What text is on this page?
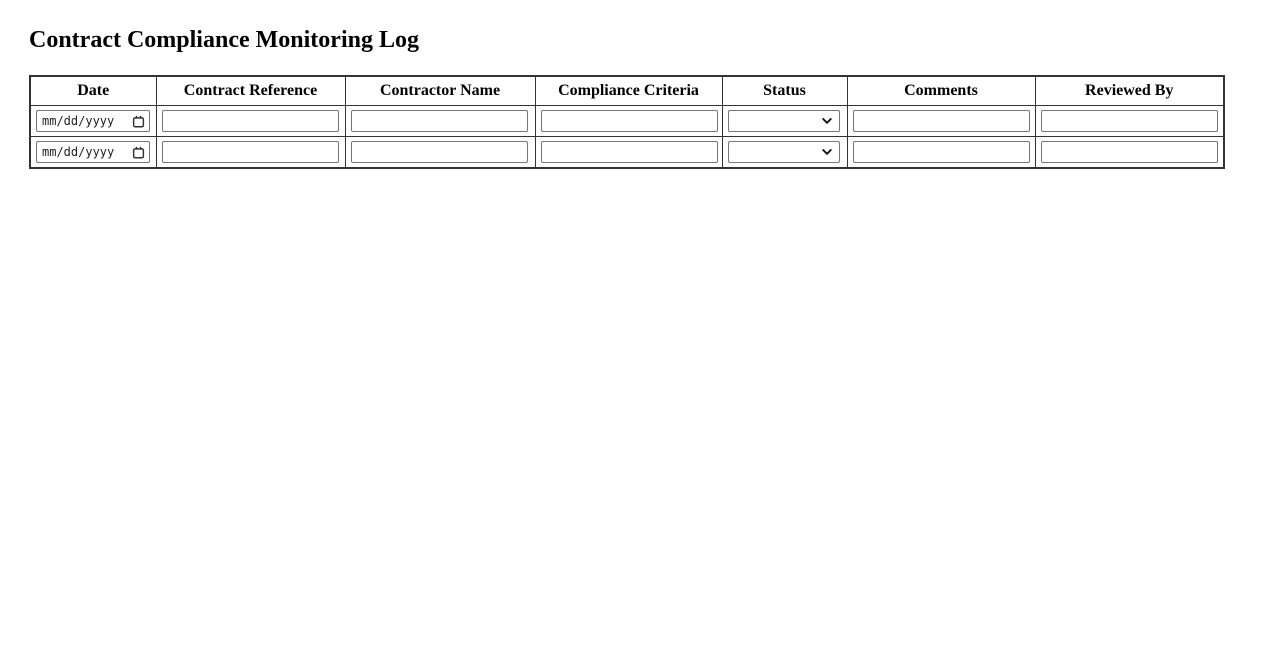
Contract Compliance Monitoring Log
Date	Contract Reference	Contractor Name	Compliance Criteria	Status	Comments	Reviewed By

mm/dd/yyyy

mm/dd/yyyy
